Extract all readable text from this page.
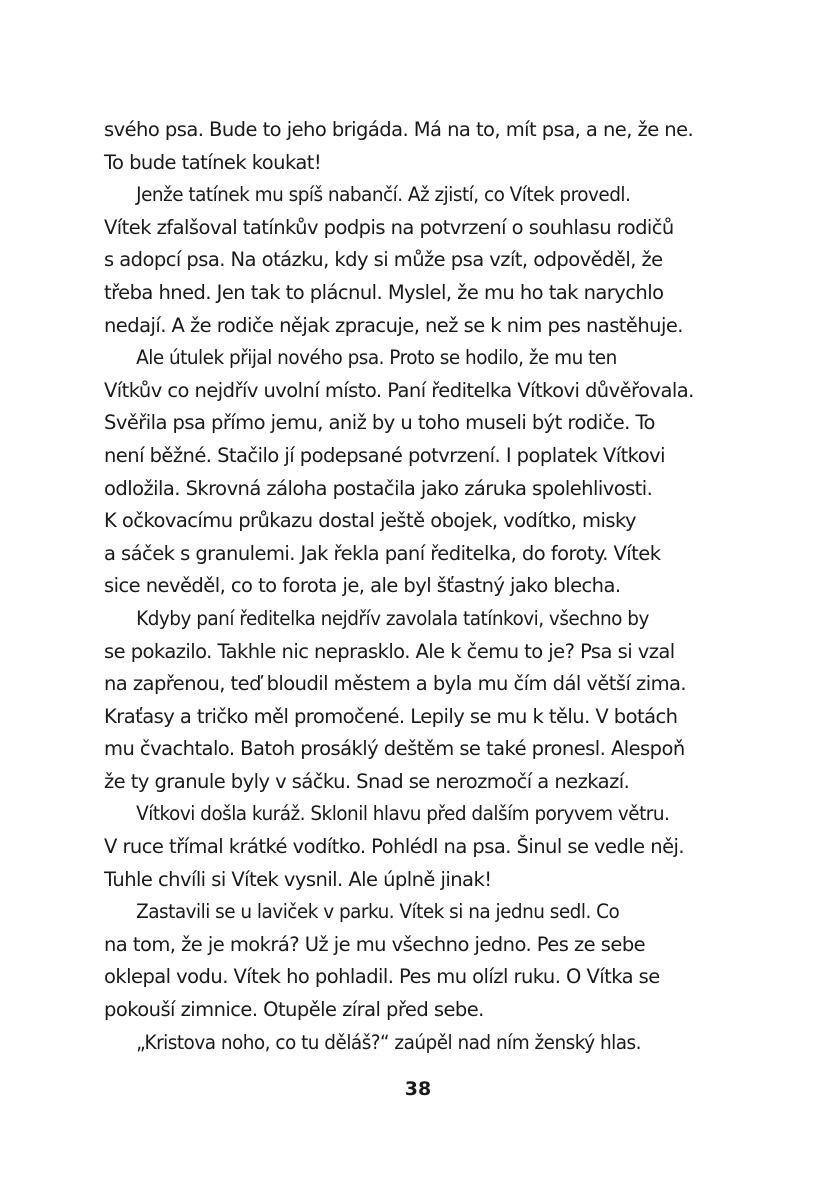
svého psa. Bude to jeho brigáda. Má na to, mít psa, a ne, že ne.
To bude tatínek koukat!
Jenže tatínek mu spíš nabančí. Až zjistí, co Vítek provedl.
Vítek zfalšoval tatínkův podpis na potvrzení o souhlasu rodičů
s adopcí psa. Na otázku, kdy si může psa vzít, odpověděl, že
třeba hned. Jen tak to plácnul. Myslel, že mu ho tak narychlo
nedají. A že rodiče nějak zpracuje, než se k nim pes nastěhuje.
Ale útulek přijal nového psa. Proto se hodilo, že mu ten
Vítkův co nejdřív uvolní místo. Paní ředitelka Vítkovi důvěřovala.
Svěřila psa přímo jemu, aniž by u toho museli být rodiče. To
není běžné. Stačilo jí podepsané potvrzení. I poplatek Vítkovi
odložila. Skrovná záloha postačila jako záruka spolehlivosti.
K očkovacímu průkazu dostal ještě obojek, vodítko, misky
a sáček s granulemi. Jak řekla paní ředitelka, do foroty. Vítek
sice nevěděl, co to forota je, ale byl šťastný jako blecha.
Kdyby paní ředitelka nejdřív zavolala tatínkovi, všechno by
se pokazilo. Takhle nic neprasklo. Ale k čemu to je? Psa si vzal
na zapřenou, teď bloudil městem a byla mu čím dál větší zima.
Kraťasy a tričko měl promočené. Lepily se mu k tělu. V botách
mu čvachtalo. Batoh prosáklý deštěm se také pronesl. Alespoň
že ty granule byly v sáčku. Snad se nerozmočí a nezkazí.
Vítkovi došla kuráž. Sklonil hlavu před dalším poryvem větru.
V ruce třímal krátké vodítko. Pohlédl na psa. Šinul se vedle něj.
Tuhle chvíli si Vítek vysnil. Ale úplně jinak!
Zastavili se u laviček v parku. Vítek si na jednu sedl. Co
na tom, že je mokrá? Už je mu všechno jedno. Pes ze sebe
oklepal vodu. Vítek ho pohladil. Pes mu olízl ruku. O Vítka se
pokouší zimnice. Otupěle zíral před sebe.
„Kristova noho, co tu děláš?“ zaúpěl nad ním ženský hlas.
38
